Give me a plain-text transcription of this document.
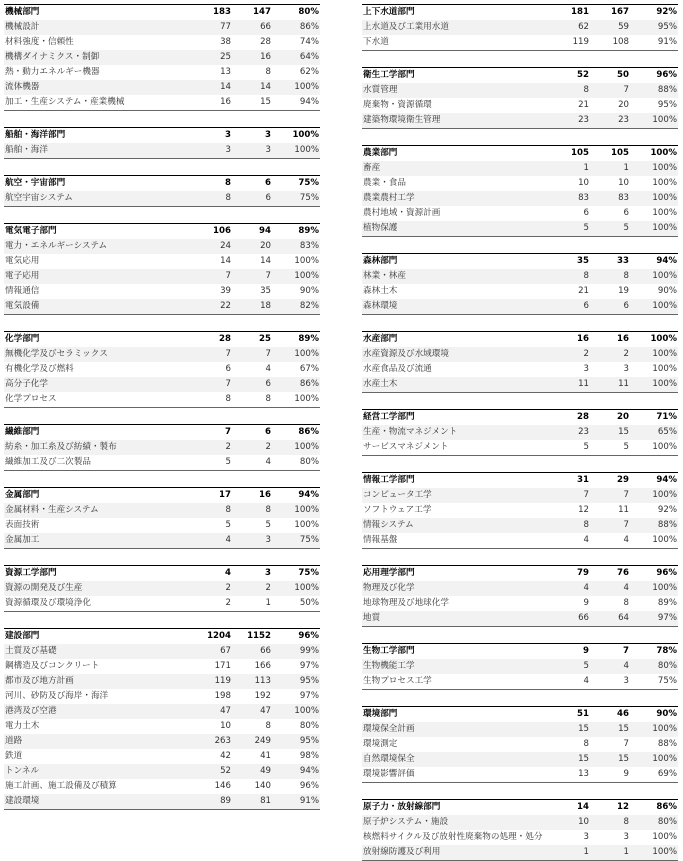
機械部門	183	147	80%
機械設計	77	66	86%
材料強度・信頼性	38	28	74%
機構ダイナミクス・制御	25	16	64%
熱・動力エネルギー機器	13	8	62%
流体機器	14	14	100%
加工・生産システム・産業機械	16	15	94%
船舶・海洋部門	3	3	100%
船舶・海洋	3	3	100%
航空・宇宙部門	8	6	75%
航空宇宙システム	8	6	75%
電気電子部門	106	94	89%
電力・エネルギーシステム	24	20	83%
電気応用	14	14	100%
電子応用	7	7	100%
情報通信	39	35	90%
電気設備	22	18	82%
化学部門	28	25	89%
無機化学及びセラミックス	7	7	100%
有機化学及び燃料	6	4	67%
高分子化学	7	6	86%
化学プロセス	8	8	100%
繊維部門	7	6	86%
紡糸・加工糸及び紡績・製布	2	2	100%
繊維加工及び二次製品	5	4	80%
金属部門	17	16	94%
金属材料・生産システム	8	8	100%
表面技術	5	5	100%
金属加工	4	3	75%
資源工学部門	4	3	75%
資源の開発及び生産	2	2	100%
資源循環及び環境浄化	2	1	50%
建設部門	1204	1152	96%
土質及び基礎	67	66	99%
鋼構造及びコンクリート	171	166	97%
都市及び地方計画	119	113	95%
河川、砂防及び海岸・海洋	198	192	97%
港湾及び空港	47	47	100%
電力土木	10	8	80%
道路	263	249	95%
鉄道	42	41	98%
トンネル	52	49	94%
施工計画、施工設備及び積算	146	140	96%
建設環境	89	81	91%
上下水道部門	181	167	92%
上水道及び工業用水道	62	59	95%
下水道	119	108	91%
衛生工学部門	52	50	96%
水質管理	8	7	88%
廃棄物・資源循環	21	20	95%
建築物環境衛生管理	23	23	100%
農業部門	105	105	100%
畜産	1	1	100%
農業・食品	10	10	100%
農業農村工学	83	83	100%
農村地域・資源計画	6	6	100%
植物保護	5	5	100%
森林部門	35	33	94%
林業・林産	8	8	100%
森林土木	21	19	90%
森林環境	6	6	100%
水産部門	16	16	100%
水産資源及び水域環境	2	2	100%
水産食品及び流通	3	3	100%
水産土木	11	11	100%
経営工学部門	28	20	71%
生産・物流マネジメント	23	15	65%
サービスマネジメント	5	5	100%
情報工学部門	31	29	94%
コンピュータ工学	7	7	100%
ソフトウェア工学	12	11	92%
情報システム	8	7	88%
情報基盤	4	4	100%
応用理学部門	79	76	96%
物理及び化学	4	4	100%
地球物理及び地球化学	9	8	89%
地質	66	64	97%
生物工学部門	9	7	78%
生物機能工学	5	4	80%
生物プロセス工学	4	3	75%
環境部門	51	46	90%
環境保全計画	15	15	100%
環境測定	8	7	88%
自然環境保全	15	15	100%
環境影響評価	13	9	69%
原子力・放射線部門	14	12	86%
原子炉システム・施設	10	8	80%
核燃料サイクル及び放射性廃棄物の処理・処分	3	3	100%
放射線防護及び利用	1	1	100%
